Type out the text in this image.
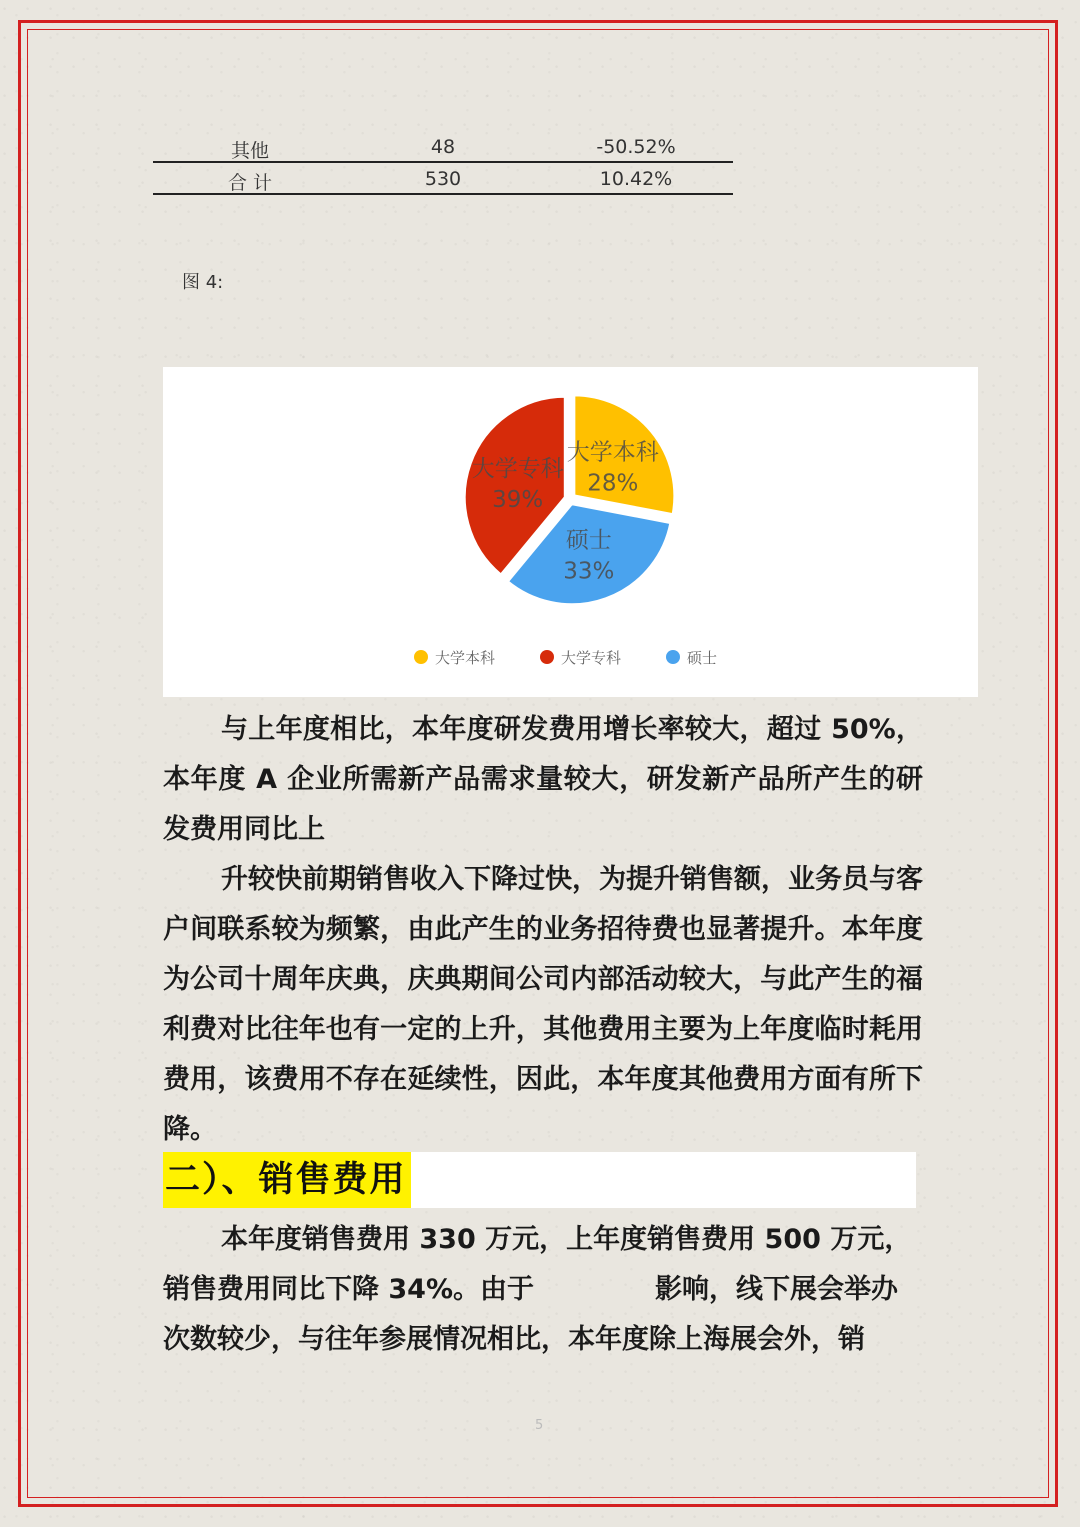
其他	48	-50.52%
合 计	530	10.42%
图 4:
大学本科
28%
大学专科
39%
硕士
33%
大学本科	大学专科	硕士
与上年度相比，本年度研发费用增长率较大，超过 50%，本年度 A 企业所需新产品需求量较大，研发新产品所产生的研发费用同比上
升较快前期销售收入下降过快，为提升销售额，业务员与客户间联系较为频繁，由此产生的业务招待费也显著提升。本年度为公司十周年庆典，庆典期间公司内部活动较大，与此产生的福利费对比往年也有一定的上升，其他费用主要为上年度临时耗用费用，该费用不存在延续性，因此，本年度其他费用方面有所下降。
二）、销售费用
本年度销售费用 330 万元，上年度销售费用 500 万元，
销售费用同比下降 34%。由于	影响，线下展会举办
次数较少，与往年参展情况相比，本年度除上海展会外，销
5
